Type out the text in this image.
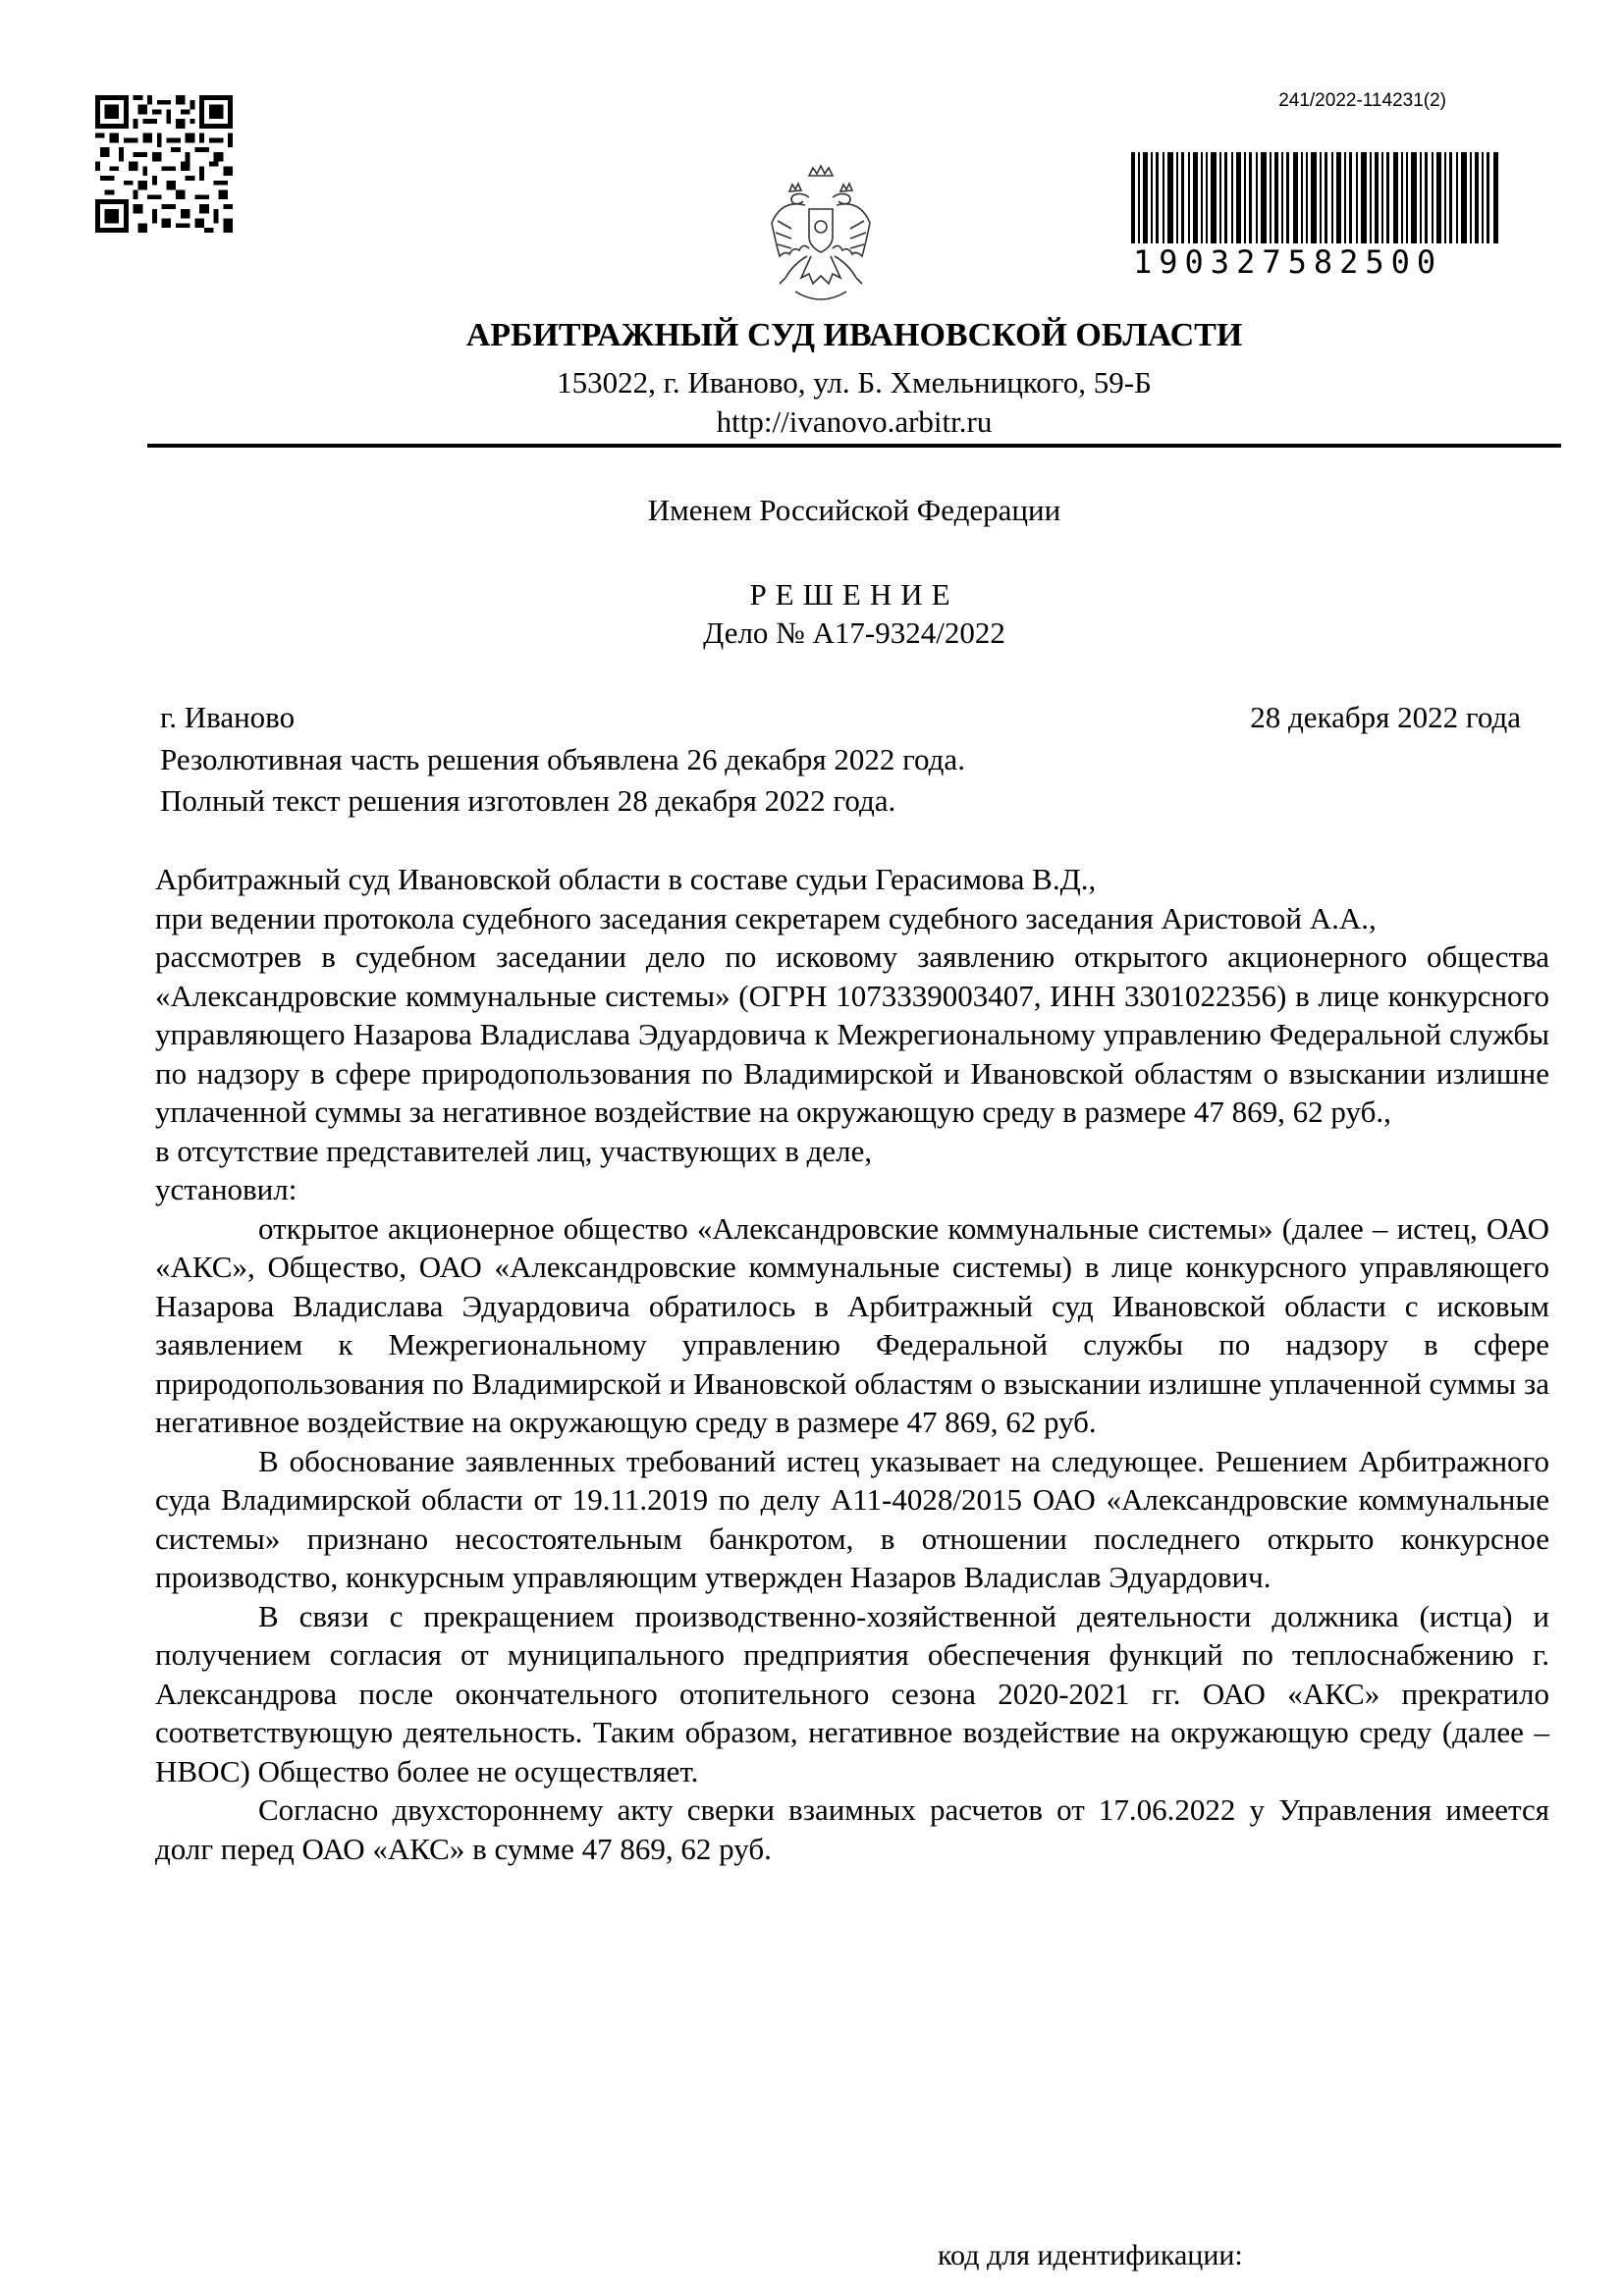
241/2022-114231(2)
190327582500
АРБИТРАЖНЫЙ СУД ИВАНОВСКОЙ ОБЛАСТИ
153022, г. Иваново, ул. Б. Хмельницкого, 59-Б
http://ivanovo.arbitr.ru
Именем Российской Федерации
РЕШЕНИЕ
Дело № А17-9324/2022
г. Иваново	28 декабря 2022 года
Резолютивная часть решения объявлена 26 декабря 2022 года.
Полный текст решения изготовлен 28 декабря 2022 года.

Арбитражный суд Ивановской области в составе судьи Герасимова В.Д.,

при ведении протокола судебного заседания секретарем судебного заседания Аристовой А.А.,

рассмотрев в судебном заседании дело по исковому заявлению открытого акционерного общества «Александровские коммунальные системы» (ОГРН 1073339003407, ИНН 3301022356) в лице конкурсного управляющего Назарова Владислава Эдуардовича к Межрегиональному управлению Федеральной службы по надзору в сфере природопользования по Владимирской и Ивановской областям о взыскании излишне уплаченной суммы за негативное воздействие на окружающую среду в размере 47 869, 62 руб.,

в отсутствие представителей лиц, участвующих в деле,

установил:

открытое акционерное общество «Александровские коммунальные системы» (далее – истец, ОАО «АКС», Общество, ОАО «Александровские коммунальные системы) в лице конкурсного управляющего Назарова Владислава Эдуардовича обратилось в Арбитражный суд Ивановской области с исковым заявлением к Межрегиональному управлению Федеральной службы по надзору в сфере природопользования по Владимирской и Ивановской областям о взыскании излишне уплаченной суммы за негативное воздействие на окружающую среду в размере 47 869, 62 руб.

В обоснование заявленных требований истец указывает на следующее. Решением Арбитражного суда Владимирской области от 19.11.2019 по делу А11-4028/2015 ОАО «Александровские коммунальные системы» признано несостоятельным банкротом, в отношении последнего открыто конкурсное производство, конкурсным управляющим утвержден Назаров Владислав Эдуардович.

В связи с прекращением производственно-хозяйственной деятельности должника (истца) и получением согласия от муниципального предприятия обеспечения функций по теплоснабжению г. Александрова после окончательного отопительного сезона 2020-2021 гг. ОАО «АКС» прекратило соответствующую деятельность. Таким образом, негативное воздействие на окружающую среду (далее – НВОС) Общество более не осуществляет.

Согласно двухстороннему акту сверки взаимных расчетов от 17.06.2022 у Управления имеется долг перед ОАО «АКС» в сумме 47 869, 62 руб.

код для идентификации:
